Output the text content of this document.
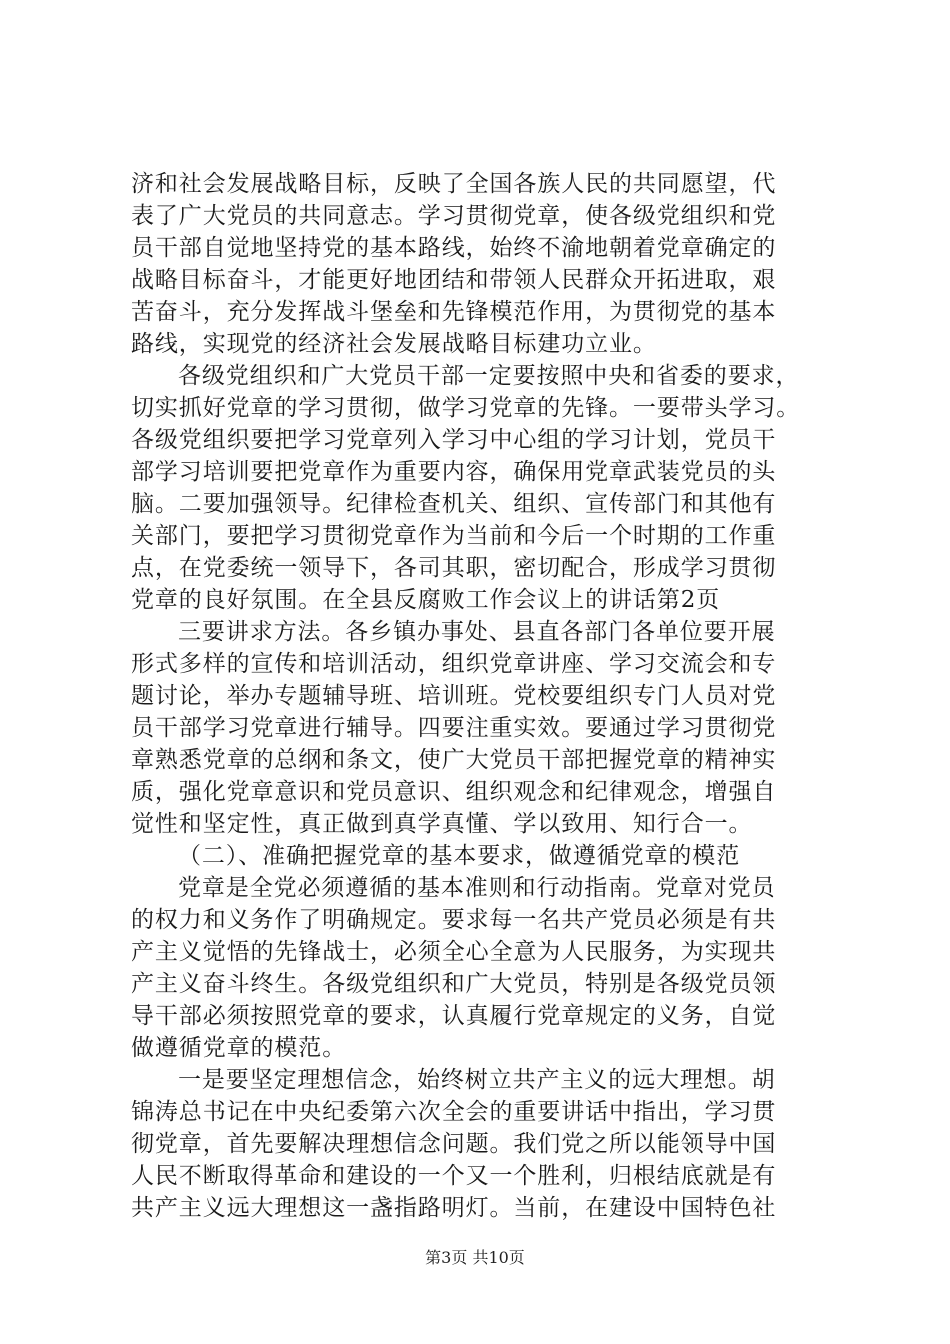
济和社会发展战略目标，反映了全国各族人民的共同愿望，代
表了广大党员的共同意志。学习贯彻党章，使各级党组织和党
员干部自觉地坚持党的基本路线，始终不渝地朝着党章确定的
战略目标奋斗，才能更好地团结和带领人民群众开拓进取，艰
苦奋斗，充分发挥战斗堡垒和先锋模范作用，为贯彻党的基本
路线，实现党的经济社会发展战略目标建功立业。
各级党组织和广大党员干部一定要按照中央和省委的要求，
切实抓好党章的学习贯彻，做学习党章的先锋。一要带头学习。
各级党组织要把学习党章列入学习中心组的学习计划，党员干
部学习培训要把党章作为重要内容，确保用党章武装党员的头
脑。二要加强领导。纪律检查机关、组织、宣传部门和其他有
关部门，要把学习贯彻党章作为当前和今后一个时期的工作重
点，在党委统一领导下，各司其职，密切配合，形成学习贯彻
党章的良好氛围。在全县反腐败工作会议上的讲话第2页
三要讲求方法。各乡镇办事处、县直各部门各单位要开展
形式多样的宣传和培训活动，组织党章讲座、学习交流会和专
题讨论，举办专题辅导班、培训班。党校要组织专门人员对党
员干部学习党章进行辅导。四要注重实效。要通过学习贯彻党
章熟悉党章的总纲和条文，使广大党员干部把握党章的精神实
质，强化党章意识和党员意识、组织观念和纪律观念，增强自
觉性和坚定性，真正做到真学真懂、学以致用、知行合一。
（二）、准确把握党章的基本要求，做遵循党章的模范
党章是全党必须遵循的基本准则和行动指南。党章对党员
的权力和义务作了明确规定。要求每一名共产党员必须是有共
产主义觉悟的先锋战士，必须全心全意为人民服务，为实现共
产主义奋斗终生。各级党组织和广大党员，特别是各级党员领
导干部必须按照党章的要求，认真履行党章规定的义务，自觉
做遵循党章的模范。
一是要坚定理想信念，始终树立共产主义的远大理想。胡
锦涛总书记在中央纪委第六次全会的重要讲话中指出，学习贯
彻党章，首先要解决理想信念问题。我们党之所以能领导中国
人民不断取得革命和建设的一个又一个胜利，归根结底就是有
共产主义远大理想这一盏指路明灯。当前，在建设中国特色社
第3页 共10页
